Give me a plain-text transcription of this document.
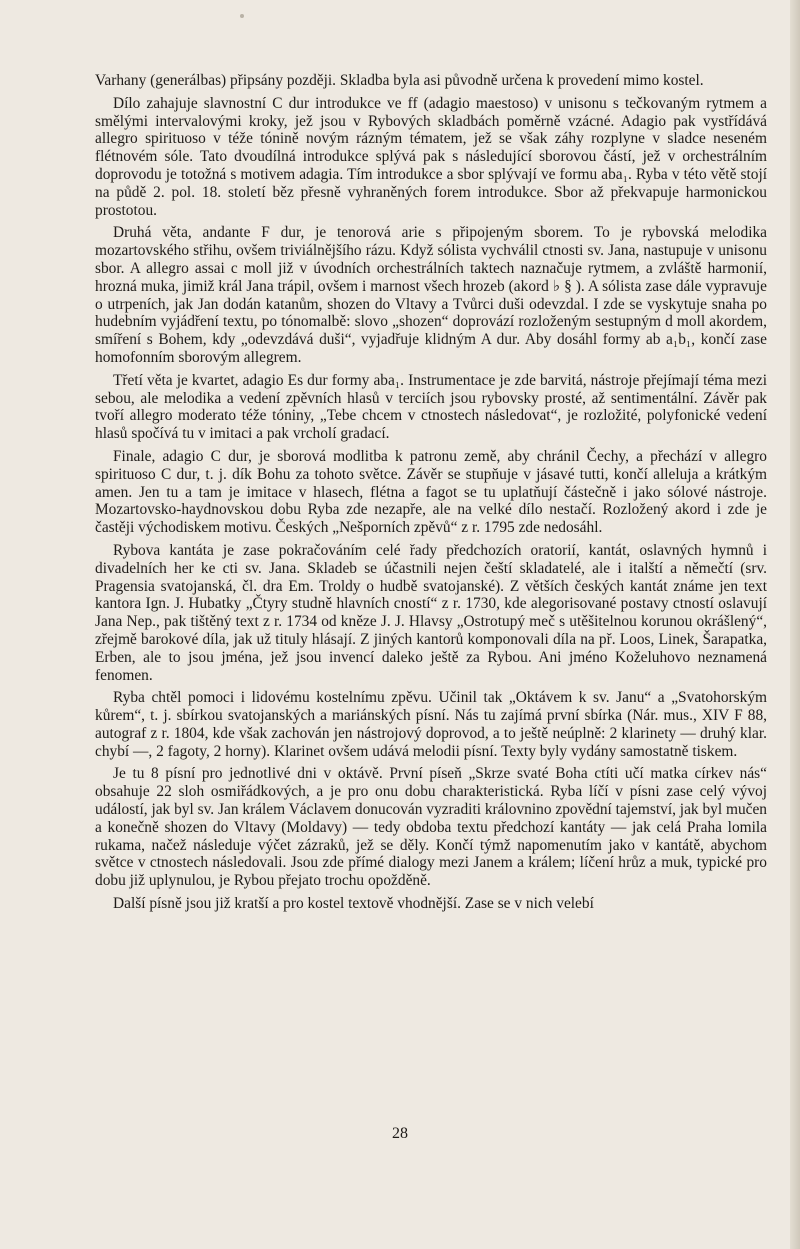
Varhany (generálbas) připsány později. Skladba byla asi původně určena k provedení mimo kostel.

Dílo zahajuje slavnostní C dur introdukce ve ff (adagio maestoso) v unisonu s tečkovaným rytmem a smělými intervalovými kroky, jež jsou v Rybových skladbách poměrně vzácné. Adagio pak vystřídává allegro spirituoso v téže tónině novým rázným tématem, jež se však záhy rozplyne v sladce neseném flétnovém sóle. Tato dvoudílná introdukce splývá pak s následující sborovou částí, jež v orchestrálním doprovodu je totožná s motivem adagia. Tím introdukce a sbor splývají ve formu aba₁. Ryba v této větě stojí na půdě 2. pol. 18. století běz přesně vyhraněných forem introdukce. Sbor až překvapuje harmonickou prostotou.

Druhá věta, andante F dur, je tenorová arie s připojeným sborem. To je rybovská melodika mozartovského střihu, ovšem triviálnějšího rázu. Když sólista vychválil ctnosti sv. Jana, nastupuje v unisonu sbor. A allegro assai c moll již v úvodních orchestrálních taktech naznačuje rytmem, a zvláště harmonií, hrozná muka, jimiž král Jana trápil, ovšem i marnost všech hrozeb (akord ♭ § ). A sólista zase dále vypravuje o utrpeních, jak Jan dodán katanům, shozen do Vltavy a Tvůrci duši odevzdal. I zde se vyskytuje snaha po hudebním vyjádření textu, po tónomalbě: slovo „shozen“ doprovází rozloženým sestupným d moll akordem, smíření s Bohem, kdy „odevzdává duši“, vyjadřuje klidným A dur. Aby dosáhl formy ab a₁b₁, končí zase homofonním sborovým allegrem.

Třetí věta je kvartet, adagio Es dur formy aba₁. Instrumentace je zde barvitá, nástroje přejímají téma mezi sebou, ale melodika a vedení zpěvních hlasů v terciích jsou rybovsky prosté, až sentimentální. Závěr pak tvoří allegro moderato téže tóniny, „Tebe chcem v ctnostech následovat“, je rozložité, polyfonické vedení hlasů spočívá tu v imitaci a pak vrcholí gradací.

Finale, adagio C dur, je sborová modlitba k patronu země, aby chránil Čechy, a přechází v allegro spirituoso C dur, t. j. dík Bohu za tohoto světce. Závěr se stupňuje v jásavé tutti, končí alleluja a krátkým amen. Jen tu a tam je imitace v hlasech, flétna a fagot se tu uplatňují částečně i jako sólové nástroje. Mozartovsko-haydnovskou dobu Ryba zde nezapře, ale na velké dílo nestačí. Rozložený akord i zde je častěji východiskem motivu. Českých „Nešporních zpěvů“ z r. 1795 zde nedosáhl.

Rybova kantáta je zase pokračováním celé řady předchozích oratorií, kantát, oslavných hymnů i divadelních her ke cti sv. Jana. Skladeb se účastnili nejen čeští skladatelé, ale i italští a němečtí (srv. Pragensia svatojanská, čl. dra Em. Troldy o hudbě svatojanské). Z větších českých kantát známe jen text kantora Ign. J. Hubatky „Čtyry studně hlavních cností“ z r. 1730, kde alegorisované postavy ctností oslavují Jana Nep., pak tištěný text z r. 1734 od kněze J. J. Hlavsy „Ostrotupý meč s utěšitelnou korunou okrášlený“, zřejmě barokové díla, jak už tituly hlásají. Z jiných kantorů komponovali díla na př. Loos, Linek, Šarapatka, Erben, ale to jsou jména, jež jsou invencí daleko ještě za Rybou. Ani jméno Koželuhovo neznamená fenomen.

Ryba chtěl pomoci i lidovému kostelnímu zpěvu. Učinil tak „Oktávem k sv. Janu“ a „Svatohorským kůrem“, t. j. sbírkou svatojanských a mariánských písní. Nás tu zajímá první sbírka (Nár. mus., XIV F 88, autograf z r. 1804, kde však zachován jen nástrojový doprovod, a to ještě neúplně: 2 klarinety — druhý klar. chybí —, 2 fagoty, 2 horny). Klarinet ovšem udává melodii písní. Texty byly vydány samostatně tiskem.

Je tu 8 písní pro jednotlivé dni v oktávě. První píseň „Skrze svaté Boha ctíti učí matka církev nás“ obsahuje 22 sloh osmiřádkových, a je pro onu dobu charakteristická. Ryba líčí v písni zase celý vývoj událostí, jak byl sv. Jan králem Václavem donucován vyzraditi královnino zpovědní tajemství, jak byl mučen a konečně shozen do Vltavy (Moldavy) — tedy obdoba textu předchozí kantáty — jak celá Praha lomila rukama, načež následuje výčet zázraků, jež se děly. Končí týmž napomenutím jako v kantátě, abychom světce v ctnostech následovali. Jsou zde přímé dialogy mezi Janem a králem; líčení hrůz a muk, typické pro dobu již uplynulou, je Rybou přejato trochu opožděně.

Další písně jsou již kratší a pro kostel textově vhodnější. Zase se v nich velebí

28
